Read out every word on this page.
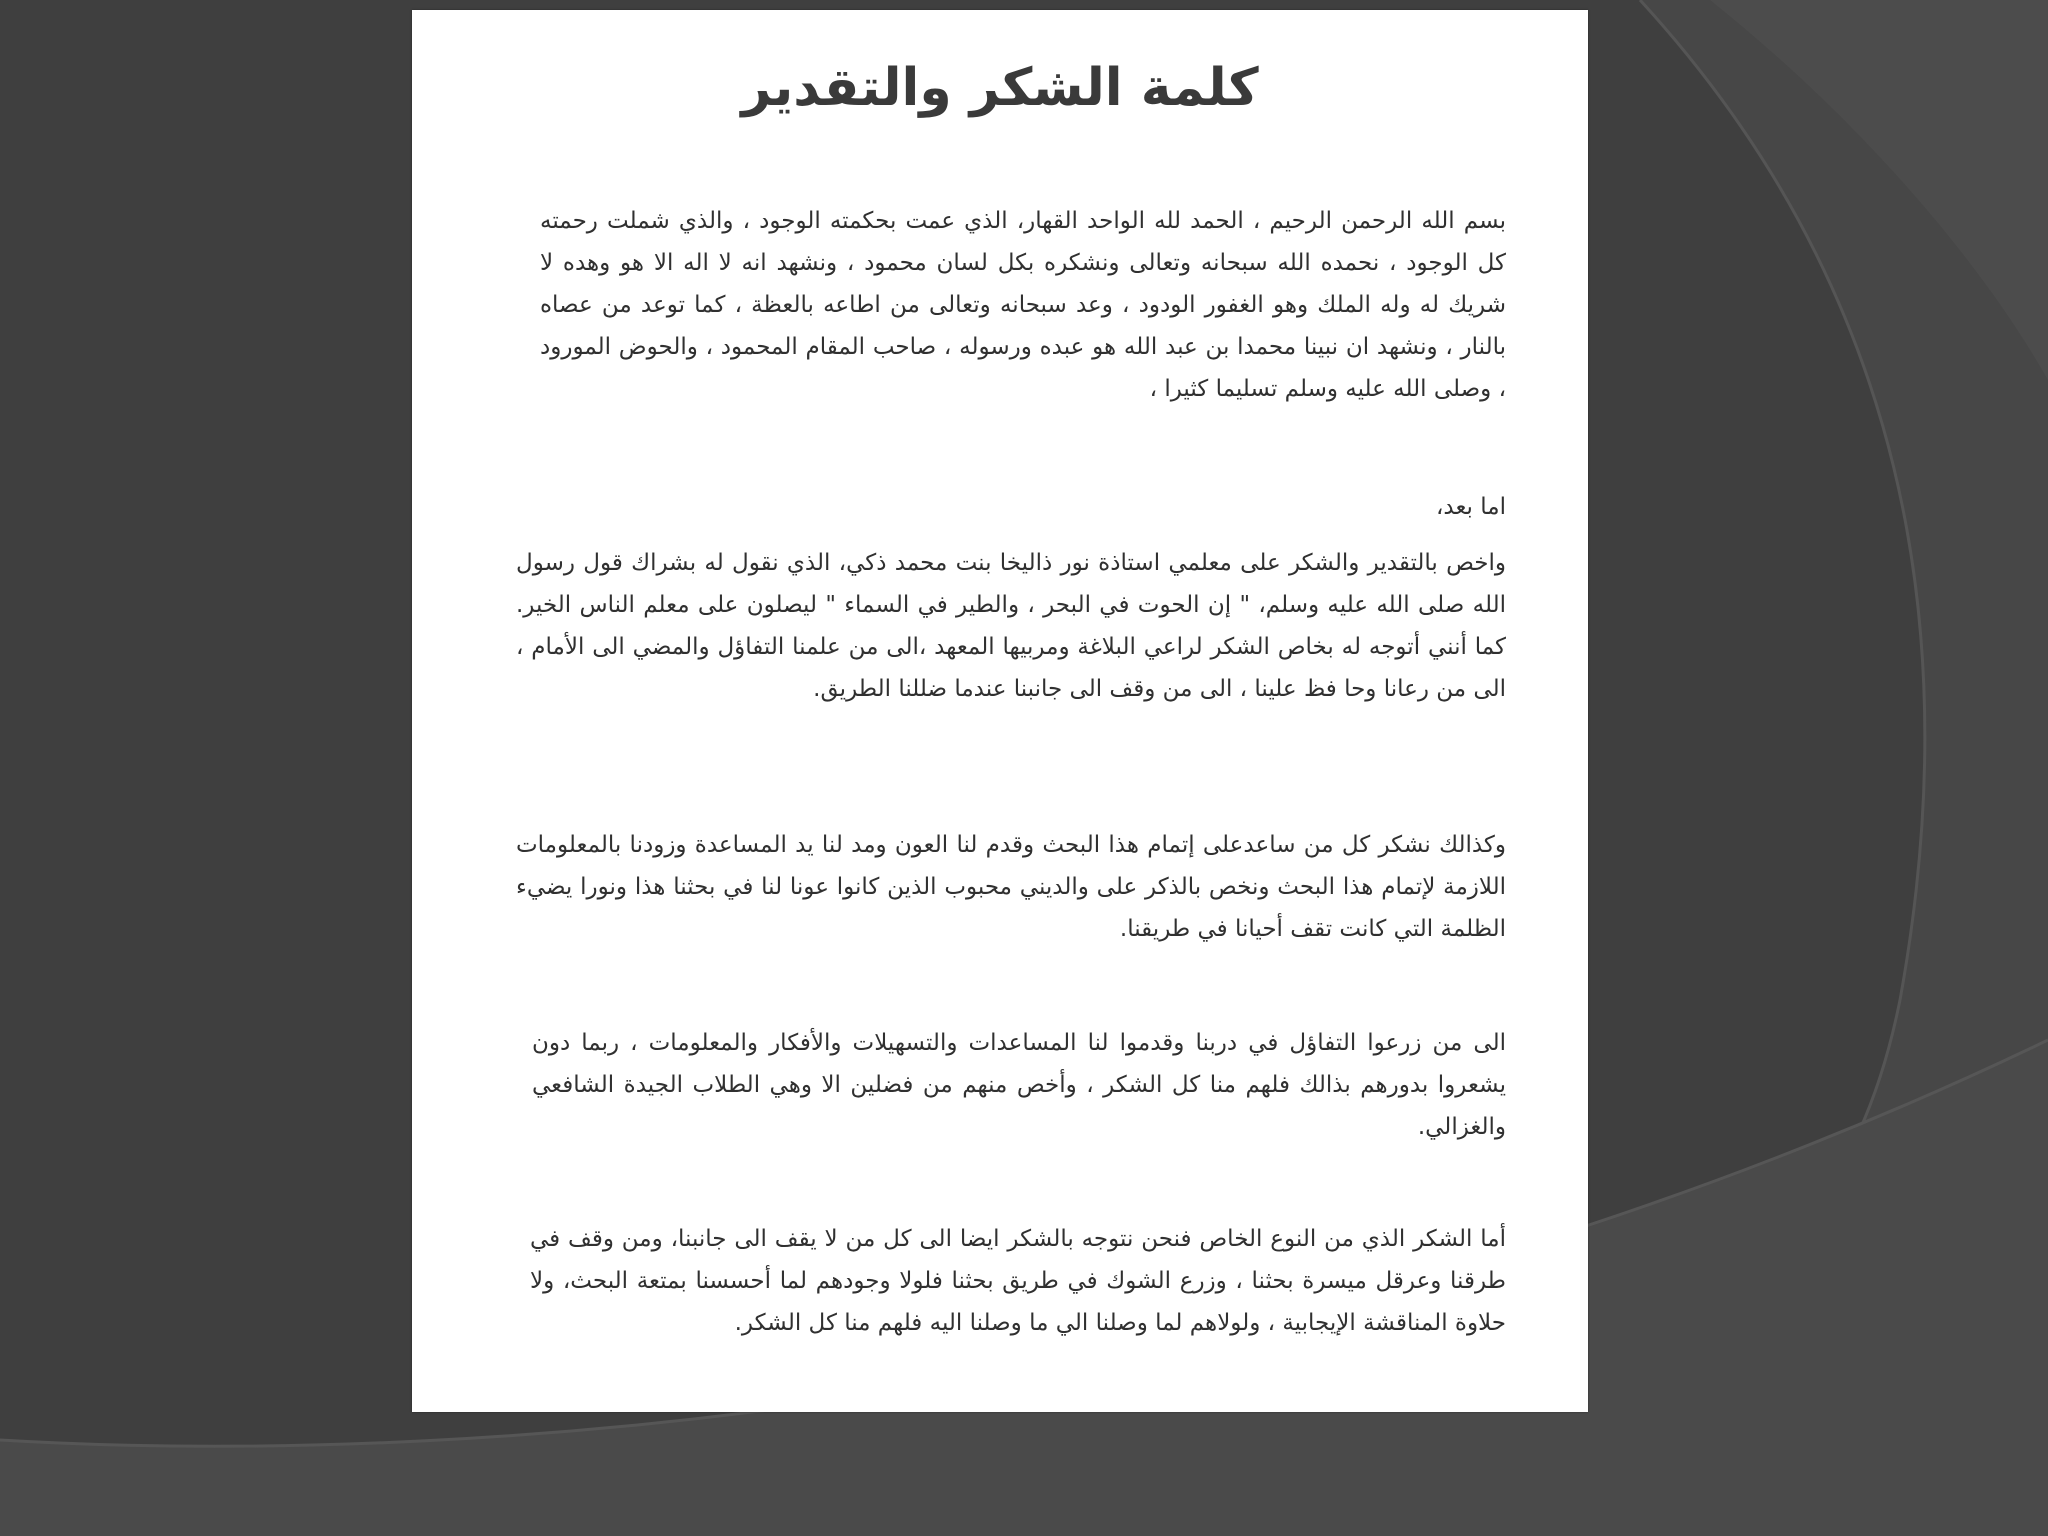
كلمة الشكر والتقدير

بسم الله الرحمن الرحيم ، الحمد لله الواحد القهار، الذي عمت بحكمته الوجود ، والذي شملت رحمته كل الوجود ، نحمده الله سبحانه وتعالى ونشكره بكل لسان محمود ، ونشهد انه لا اله الا هو وهده لا شريك له وله الملك وهو الغفور الودود ، وعد سبحانه وتعالى من اطاعه بالعظة ، كما توعد من عصاه بالنار ، ونشهد ان نبينا محمدا بن عبد الله هو عبده ورسوله ، صاحب المقام المحمود ، والحوض المورود ، وصلى الله عليه وسلم تسليما كثيرا ،

اما بعد،

واخص بالتقدير والشكر على معلمي استاذة نور ذاليخا بنت محمد ذكي، الذي نقول له بشراك قول رسول الله صلى الله عليه وسلم، " إن الحوت في البحر ، والطير في السماء " ليصلون على معلم الناس الخير. كما أنني أتوجه له بخاص الشكر لراعي البلاغة ومربيها المعهد ،الى من علمنا التفاؤل والمضي الى الأمام ، الى من رعانا وحا فظ علينا ، الى من وقف الى جانبنا عندما ضللنا الطريق.

وكذالك نشكر كل من ساعدعلى إتمام هذا البحث وقدم لنا العون ومد لنا يد المساعدة وزودنا بالمعلومات اللازمة لإتمام هذا البحث ونخص بالذكر على والديني محبوب الذين كانوا عونا لنا في بحثنا هذا ونورا يضيء الظلمة التي كانت تقف أحيانا في طريقنا.

الى من زرعوا التفاؤل في دربنا وقدموا لنا المساعدات والتسهيلات والأفكار والمعلومات ، ربما دون يشعروا بدورهم بذالك فلهم منا كل الشكر ، وأخص منهم من فضلين الا وهي الطلاب الجيدة الشافعي والغزالي.

أما الشكر الذي من النوع الخاص فنحن نتوجه بالشكر ايضا الى كل من لا يقف الى جانبنا، ومن وقف في طرقنا وعرقل ميسرة بحثنا ، وزرع الشوك في طريق بحثنا فلولا وجودهم لما أحسسنا بمتعة البحث، ولا حلاوة المناقشة الإيجابية ، ولولاهم لما وصلنا الي ما وصلنا اليه فلهم منا كل الشكر.
